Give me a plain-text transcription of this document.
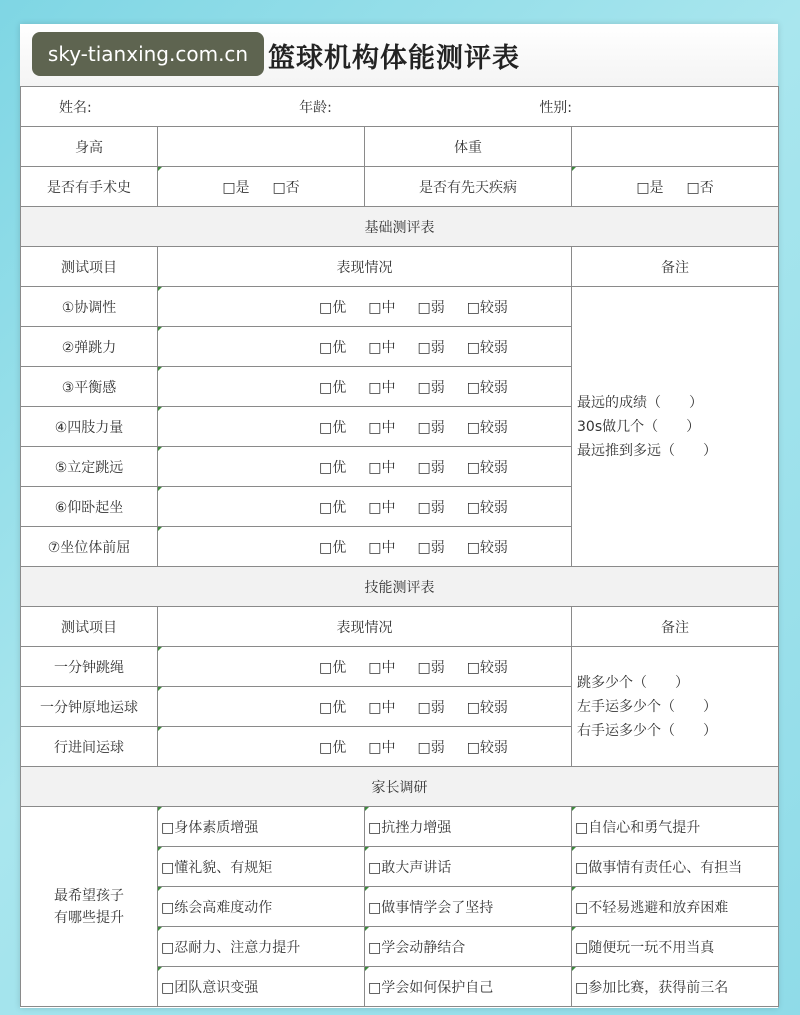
sky-tianxing.com.cn 篮球机构体能测评表
姓名: 年龄: 性别:			

身高		体重	
是否有手术史	□是 □否	是否有先天疾病	□是 □否
基础测评表			
测试项目	表现情况		备注
①协调性	□优 □中 □弱 □较弱		最远的成绩（　　）
30s做几个（　　）
最远推到多远（　　）

②弹跳力	□优 □中 □弱 □较弱		

③平衡感	□优 □中 □弱 □较弱		

④四肢力量	□优 □中 □弱 □较弱		

⑤立定跳远	□优 □中 □弱 □较弱		

⑥仰卧起坐	□优 □中 □弱 □较弱		

⑦坐位体前屈	□优 □中 □弱 □较弱		

技能测评表			
测试项目	表现情况		备注
一分钟跳绳	□优 □中 □弱 □较弱		跳多少个（　　）
左手运多少个（　　）
右手运多少个（　　）

一分钟原地运球	□优 □中 □弱 □较弱		

行进间运球	□优 □中 □弱 □较弱		

家长调研			

最希望孩子
有哪些提升	□身体素质增强	□抗挫力增强	□自信心和勇气提升
	□懂礼貌、有规矩	□敢大声讲话	□做事情有责任心、有担当
	□练会高难度动作	□做事情学会了坚持	□不轻易逃避和放弃困难
	□忍耐力、注意力提升	□学会动静结合	□随便玩一玩不用当真
	□团队意识变强	□学会如何保护自己	□参加比赛，获得前三名
